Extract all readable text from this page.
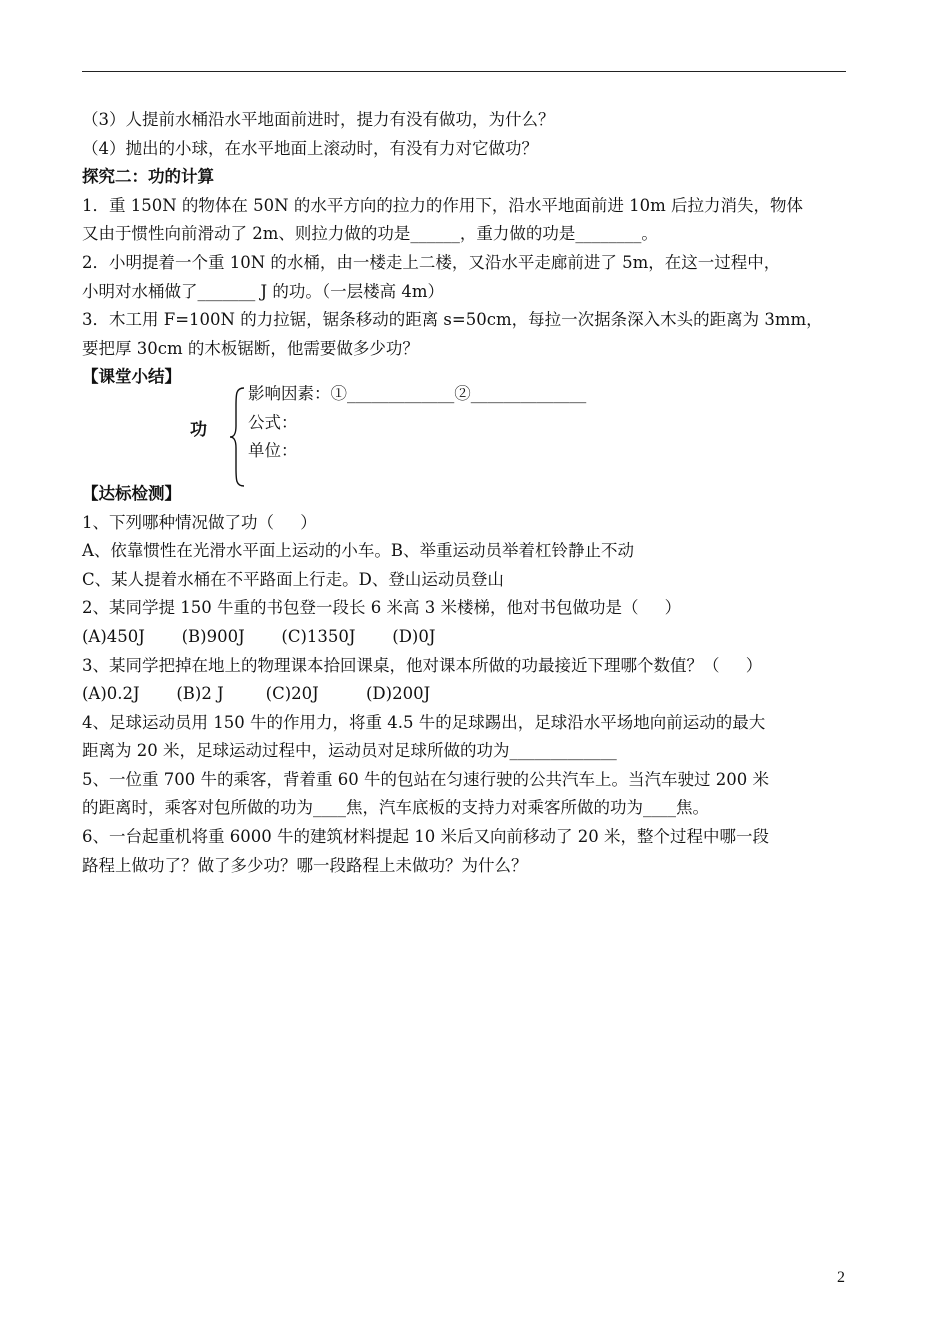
（3）人提前水桶沿水平地面前进时，提力有没有做功，为什么？
（4）抛出的小球，在水平地面上滚动时，有没有力对它做功？
探究二：功的计算
1．重 150N 的物体在 50N 的水平方向的拉力的作用下，沿水平地面前进 10m 后拉力消失，物体
又由于惯性向前滑动了 2m、则拉力做的功是______，重力做的功是________。
2．小明提着一个重 10N 的水桶，由一楼走上二楼，又沿水平走廊前进了 5m，在这一过程中，
小明对水桶做了_______ J 的功。（一层楼高 4m）
3．木工用 F=100N 的力拉锯，锯条移动的距离 s=50cm，每拉一次据条深入木头的距离为 3mm，
要把厚 30cm 的木板锯断，他需要做多少功？
【课堂小结】
功
影响因素：①_____________②______________
公式：
单位：
【达标检测】
1、下列哪种情况做了功（     ）
A、依靠惯性在光滑水平面上运动的小车。B、举重运动员举着杠铃静止不动
C、某人提着水桶在不平路面上行走。D、登山运动员登山
2、某同学提 150 牛重的书包登一段长 6 米高 3 米楼梯，他对书包做功是（     ）
(A)450J       (B)900J       (C)1350J       (D)0J
3、某同学把掉在地上的物理课本拾回课桌，他对课本所做的功最接近下理哪个数值？（     ）
(A)0.2J       (B)2 J        (C)20J         (D)200J
4、足球运动员用 150 牛的作用力，将重 4.5 牛的足球踢出，足球沿水平场地向前运动的最大
距离为 20 米，足球运动过程中，运动员对足球所做的功为_____________
5、一位重 700 牛的乘客，背着重 60 牛的包站在匀速行驶的公共汽车上。当汽车驶过 200 米
的距离时，乘客对包所做的功为____焦，汽车底板的支持力对乘客所做的功为____焦。
6、一台起重机将重 6000 牛的建筑材料提起 10 米后又向前移动了 20 米，整个过程中哪一段
路程上做功了？做了多少功？哪一段路程上未做功？为什么？
2
